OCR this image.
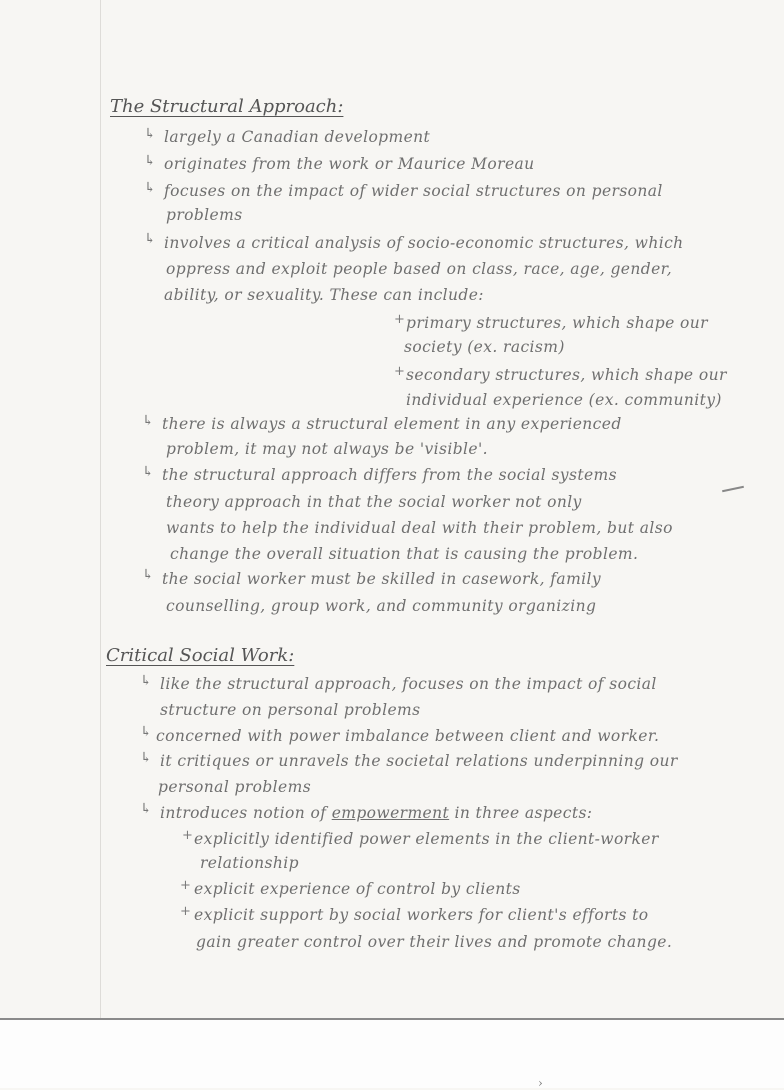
The Structural Approach:
↳ largely a Canadian development
↳ originates from the work or Maurice Moreau
↳ focuses on the impact of wider social structures on personal
problems
↳ involves a critical analysis of socio-economic structures, which
oppress and exploit people based on class, race, age, gender,
ability, or sexuality. These can include:
+ primary structures, which shape our
society (ex. racism)
+ secondary structures, which shape our
individual experience (ex. community)
↳ there is always a structural element in any experienced
problem, it may not always be 'visible'.
↳ the structural approach differs from the social systems
theory approach in that the social worker not only
wants to help the individual deal with their problem, but also
change the overall situation that is causing the problem.
↳ the social worker must be skilled in casework, family
counselling, group work, and community organizing
Critical Social Work:
↳ like the structural approach, focuses on the impact of social
structure on personal problems
↳ concerned with power imbalance between client and worker.
↳ it critiques or unravels the societal relations underpinning our
personal problems
↳ introduces notion of empowerment in three aspects:
+ explicitly identified power elements in the client-worker
relationship
+ explicit experience of control by clients
+ explicit support by social workers for client's efforts to
gain greater control over their lives and promote change.
›
